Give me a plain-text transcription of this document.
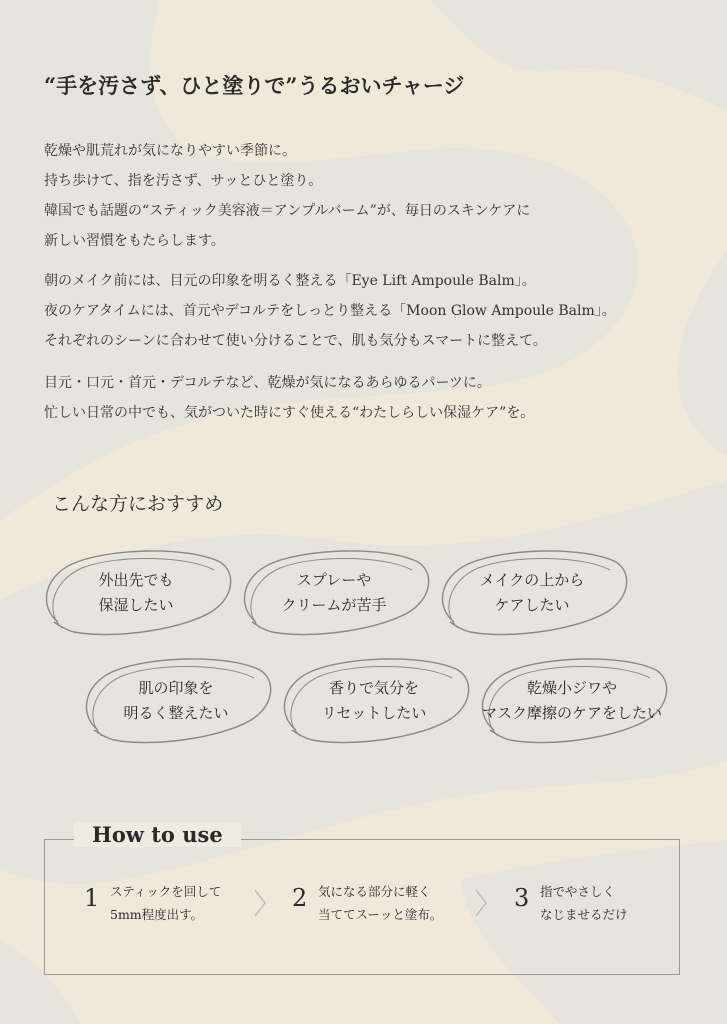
“手を汚さず、ひと塗りで”うるおいチャージ
乾燥や肌荒れが気になりやすい季節に。
持ち歩けて、指を汚さず、サッとひと塗り。
韓国でも話題の“スティック美容液＝アンプルバーム”が、毎日のスキンケアに
新しい習慣をもたらします。
朝のメイク前には、目元の印象を明るく整える「Eye Lift Ampoule Balm」。
夜のケアタイムには、首元やデコルテをしっとり整える「Moon Glow Ampoule Balm」。
それぞれのシーンに合わせて使い分けることで、肌も気分もスマートに整えて。
目元・口元・首元・デコルテなど、乾燥が気になるあらゆるパーツに。
忙しい日常の中でも、気がついた時にすぐ使える“わたしらしい保湿ケア”を。
こんな方におすすめ
外出先でも
保湿したい
スプレーや
クリームが苦手
メイクの上から
ケアしたい
肌の印象を
明るく整えたい
香りで気分を
リセットしたい
乾燥小ジワや
マスク摩擦のケアをしたい
How to use
1 スティックを回して
5mm程度出す。
2 気になる部分に軽く
当ててスーッと塗布。
3 指でやさしく
なじませるだけ
